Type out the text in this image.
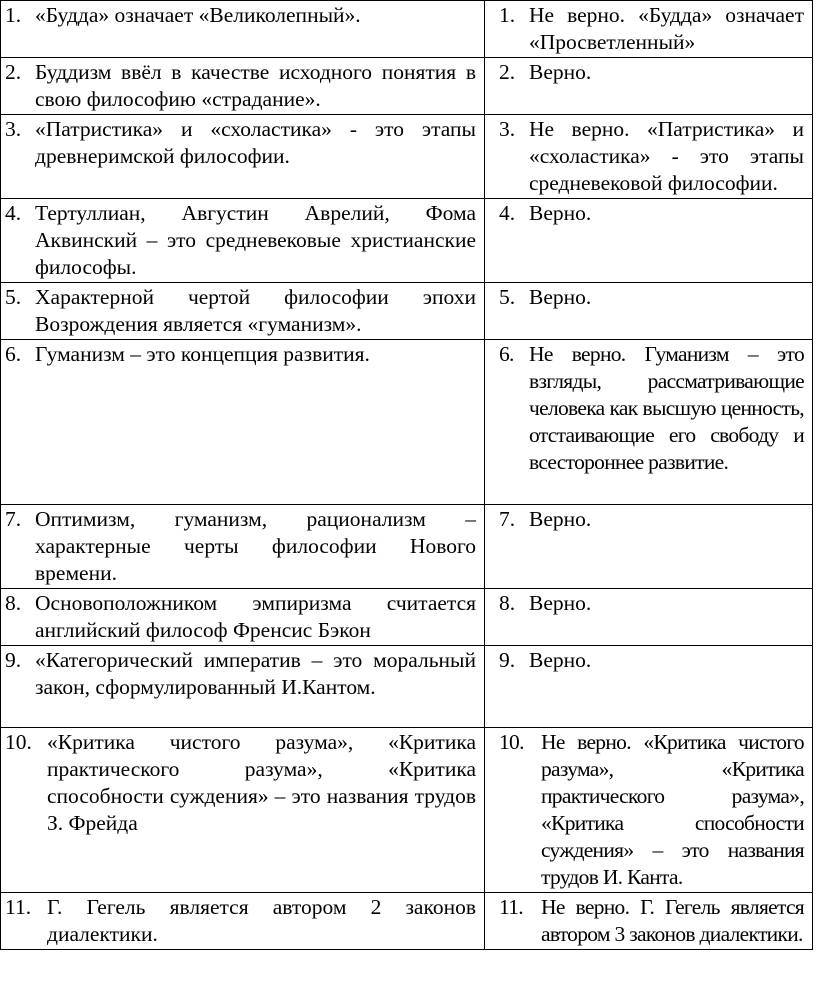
1. «Будда» означает «Великолепный».	1. Не верно. «Будда» означает «Просветленный»

2. Буддизм ввёл в качестве исходного понятия в свою философию «страдание».	2. Верно.

3. «Патристика» и «схоластика» - это этапы древнеримской философии.	3. Не верно. «Патристика» и «схоластика» - это этапы средневековой философии.

4. Тертуллиан, Августин Аврелий, Фома Аквинский – это средневековые христианские философы.	4. Верно.

5. Характерной чертой философии эпохи Возрождения является «гуманизм».	5. Верно.

6. Гуманизм – это концепция развития.	6. Не верно. Гуманизм – это взгляды, рассматривающие человека как высшую ценность, отстаивающие его свободу и всестороннее развитие.

7. Оптимизм, гуманизм, рационализм – характерные черты философии Нового времени.	7. Верно.

8. Основоположником эмпиризма считается английский философ Френсис Бэкон	8. Верно.

9. «Категорический императив – это моральный закон, сформулированный И.Кантом.	9. Верно.

10. «Критика чистого разума», «Критика практического разума», «Критика способности суждения» – это названия трудов З. Фрейда	10. Не верно. «Критика чистого разума», «Критика практического разума», «Критика способности суждения» – это названия трудов И. Канта.

11. Г. Гегель является автором 2 законов диалектики.	11. Не верно. Г. Гегель является автором 3 законов диалектики.
